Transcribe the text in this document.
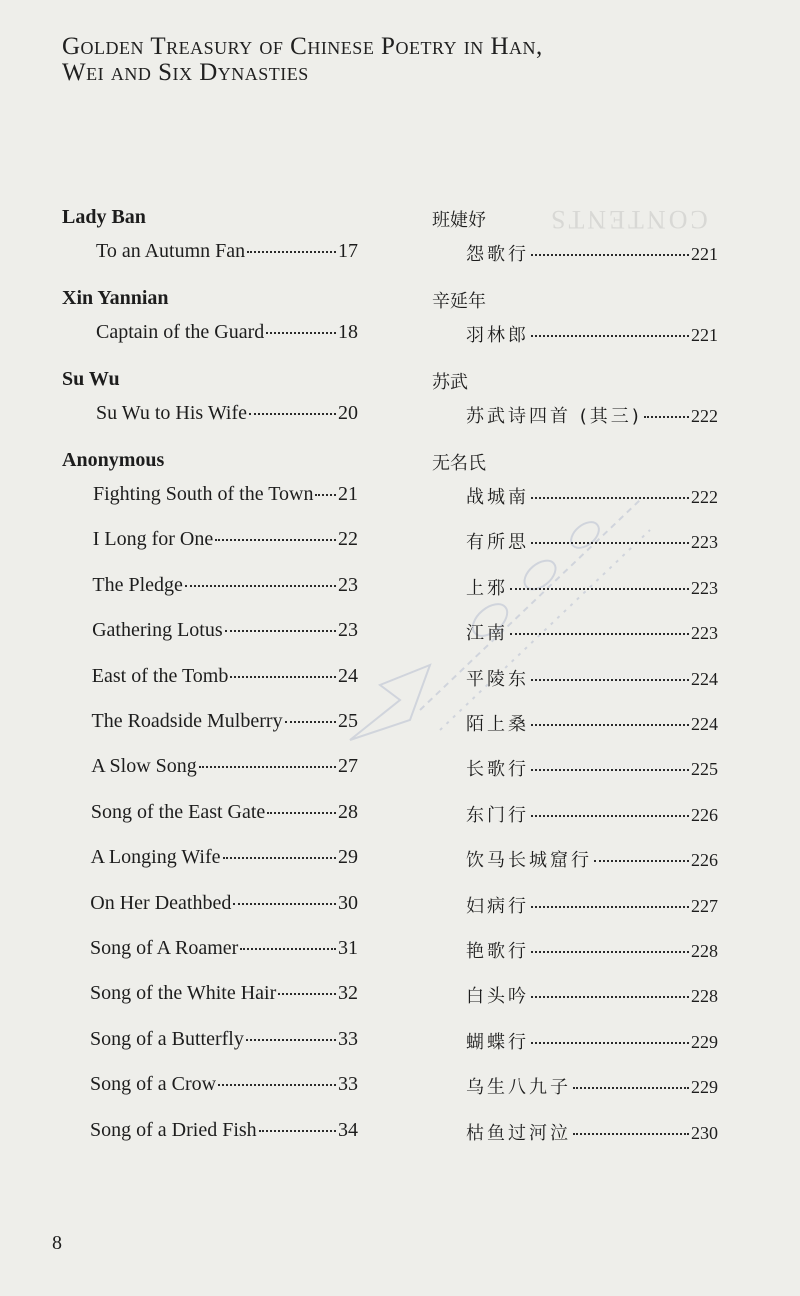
Golden Treasury of Chinese Poetry in Han,
Wei and Six Dynasties
CONTENTS
Lady Ban
To an Autumn Fan	17
Xin Yannian
Captain of the Guard	18
Su Wu
Su Wu to His Wife	20
Anonymous
Fighting South of the Town 21
I Long for One	22
The Pledge	23
Gathering Lotus	23
East of the Tomb	24
The Roadside Mulberry	25
A Slow Song	27
Song of the East Gate	28
A Longing Wife	29
On Her Deathbed	30
Song of A Roamer	31
Song of the White Hair	32
Song of a Butterfly	33
Song of a Crow	33
Song of a Dried Fish	34
班婕妤
怨歌行	221
辛延年
羽林郎	221
苏武
苏武诗四首 (其三)	222
无名氏
战城南	222
有所思	223
上邪	223
江南	223
平陵东	224
陌上桑	224
长歌行	225
东门行	226
饮马长城窟行	226
妇病行	227
艳歌行	228
白头吟	228
蝴蝶行	229
乌生八九子	229
枯鱼过河泣	230
8
